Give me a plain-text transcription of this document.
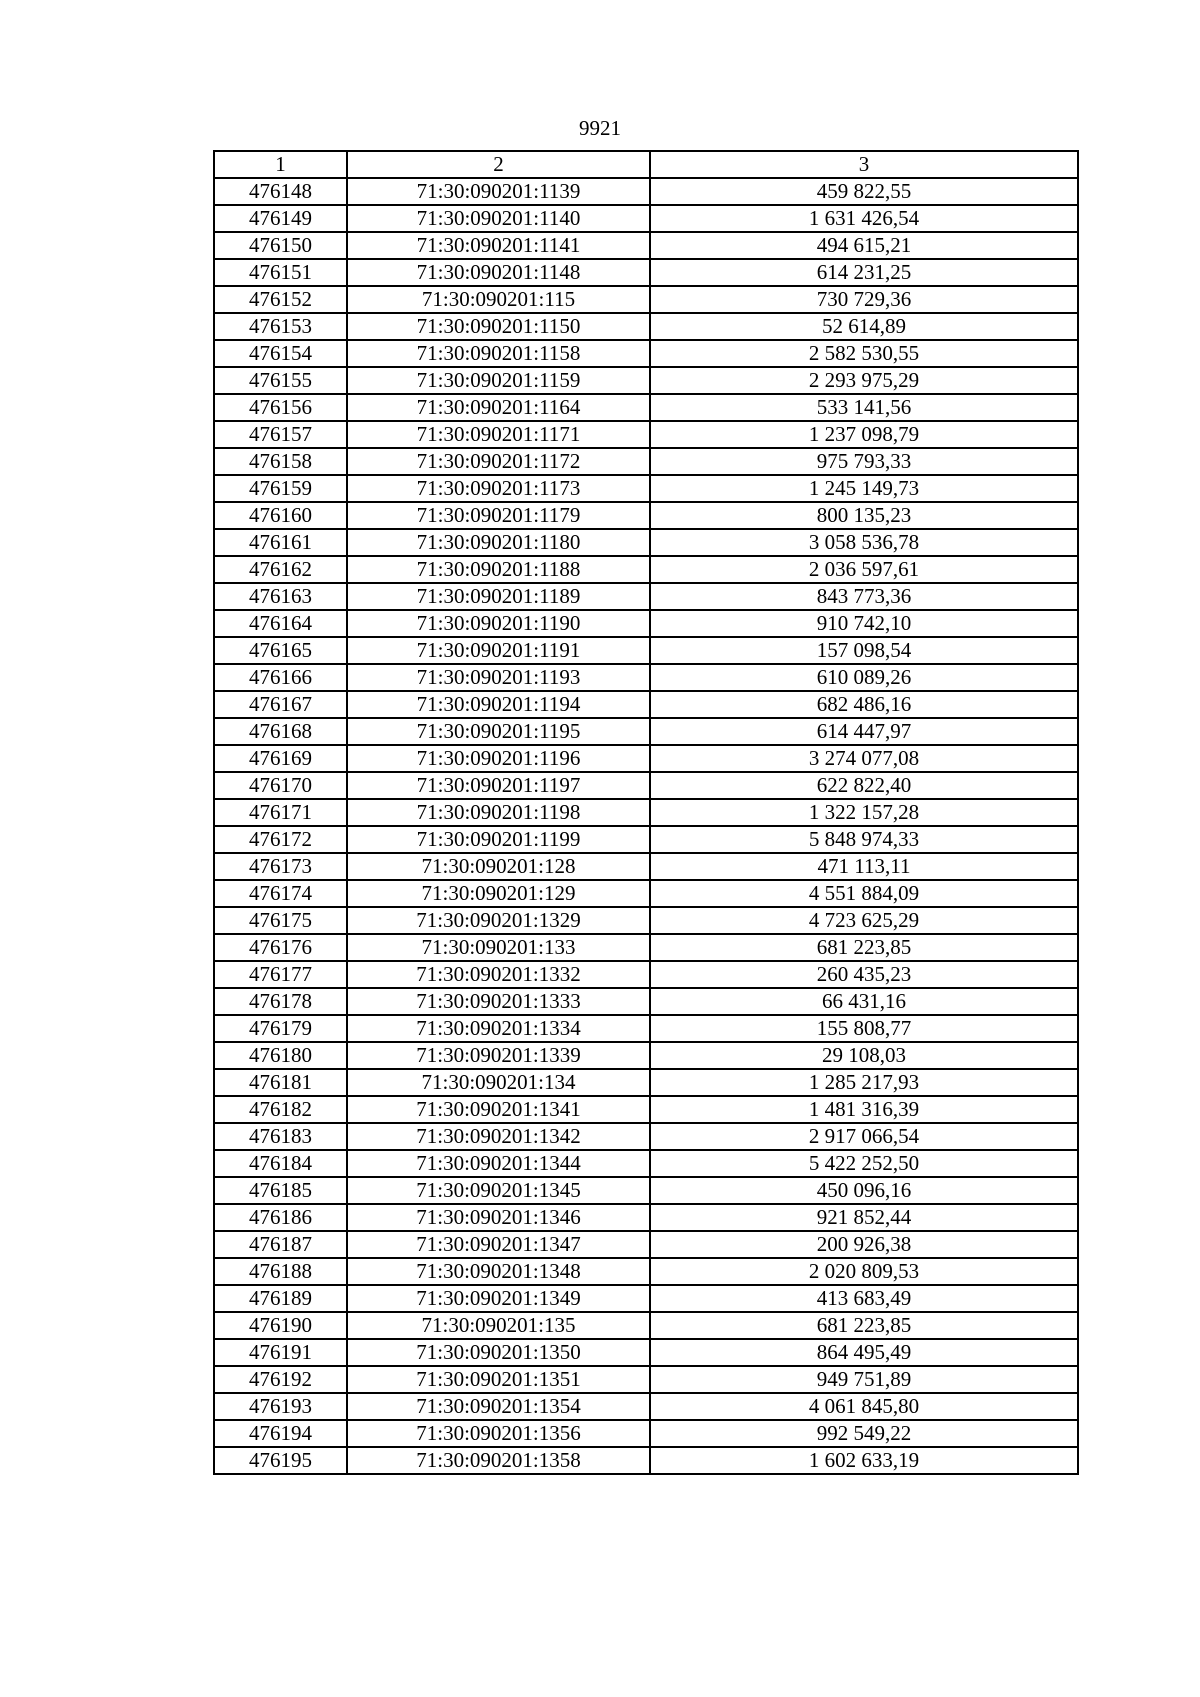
9921
1	2	3
476148	71:30:090201:1139	459 822,55
476149	71:30:090201:1140	1 631 426,54
476150	71:30:090201:1141	494 615,21
476151	71:30:090201:1148	614 231,25
476152	71:30:090201:115	730 729,36
476153	71:30:090201:1150	52 614,89
476154	71:30:090201:1158	2 582 530,55
476155	71:30:090201:1159	2 293 975,29
476156	71:30:090201:1164	533 141,56
476157	71:30:090201:1171	1 237 098,79
476158	71:30:090201:1172	975 793,33
476159	71:30:090201:1173	1 245 149,73
476160	71:30:090201:1179	800 135,23
476161	71:30:090201:1180	3 058 536,78
476162	71:30:090201:1188	2 036 597,61
476163	71:30:090201:1189	843 773,36
476164	71:30:090201:1190	910 742,10
476165	71:30:090201:1191	157 098,54
476166	71:30:090201:1193	610 089,26
476167	71:30:090201:1194	682 486,16
476168	71:30:090201:1195	614 447,97
476169	71:30:090201:1196	3 274 077,08
476170	71:30:090201:1197	622 822,40
476171	71:30:090201:1198	1 322 157,28
476172	71:30:090201:1199	5 848 974,33
476173	71:30:090201:128	471 113,11
476174	71:30:090201:129	4 551 884,09
476175	71:30:090201:1329	4 723 625,29
476176	71:30:090201:133	681 223,85
476177	71:30:090201:1332	260 435,23
476178	71:30:090201:1333	66 431,16
476179	71:30:090201:1334	155 808,77
476180	71:30:090201:1339	29 108,03
476181	71:30:090201:134	1 285 217,93
476182	71:30:090201:1341	1 481 316,39
476183	71:30:090201:1342	2 917 066,54
476184	71:30:090201:1344	5 422 252,50
476185	71:30:090201:1345	450 096,16
476186	71:30:090201:1346	921 852,44
476187	71:30:090201:1347	200 926,38
476188	71:30:090201:1348	2 020 809,53
476189	71:30:090201:1349	413 683,49
476190	71:30:090201:135	681 223,85
476191	71:30:090201:1350	864 495,49
476192	71:30:090201:1351	949 751,89
476193	71:30:090201:1354	4 061 845,80
476194	71:30:090201:1356	992 549,22
476195	71:30:090201:1358	1 602 633,19
